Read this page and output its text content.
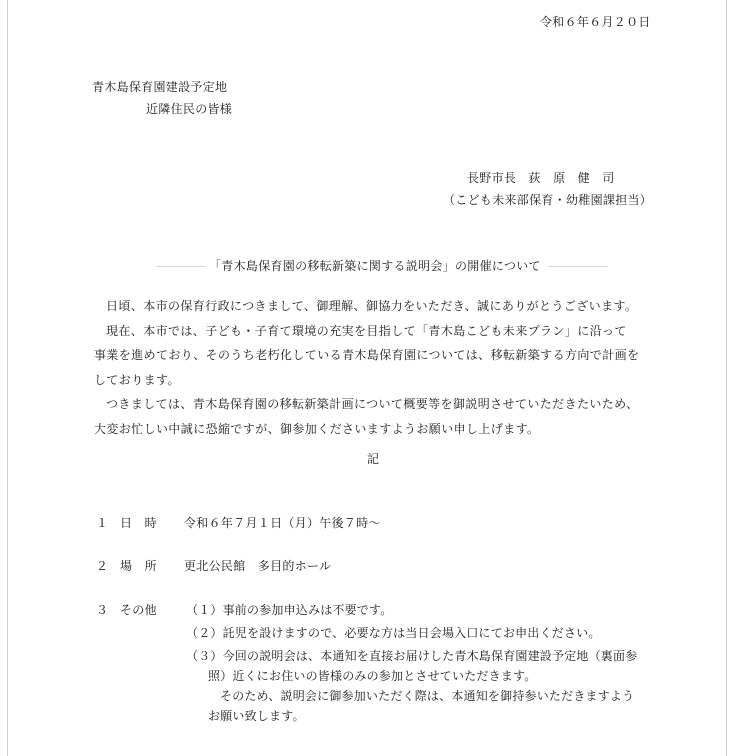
令和６年６月２０日
青木島保育園建設予定地
近隣住民の皆様
長野市長　荻　原　健　司
（こども未来部保育・幼稚園課担当）
「青木島保育園の移転新築に関する説明会」の開催について

日頃、本市の保育行政につきまして、御理解、御協力をいただき、誠にありがとうございます。

現在、本市では、子ども・子育て環境の充実を目指して「青木島こども未来プラン」に沿って

事業を進めており、そのうち老朽化している青木島保育園については、移転新築する方向で計画を

しております。

つきましては、青木島保育園の移転新築計画について概要等を御説明させていただきたいため、

大変お忙しい中誠に恐縮ですが、御参加くださいますようお願い申し上げます。

記
１ 日　時 令和６年７月１日（月）午後７時～
２ 場　所 更北公民館　多目的ホール
３ その他 （１）事前の参加申込みは不要です。
（２）託児を設けますので、必要な方は当日会場入口にてお申出ください。
（３）今回の説明会は、本通知を直接お届けした青木島保育園建設予定地（裏面参
照）近くにお住いの皆様のみの参加とさせていただきます。
そのため、説明会に御参加いただく際は、本通知を御持参いただきますよう
お願い致します。
